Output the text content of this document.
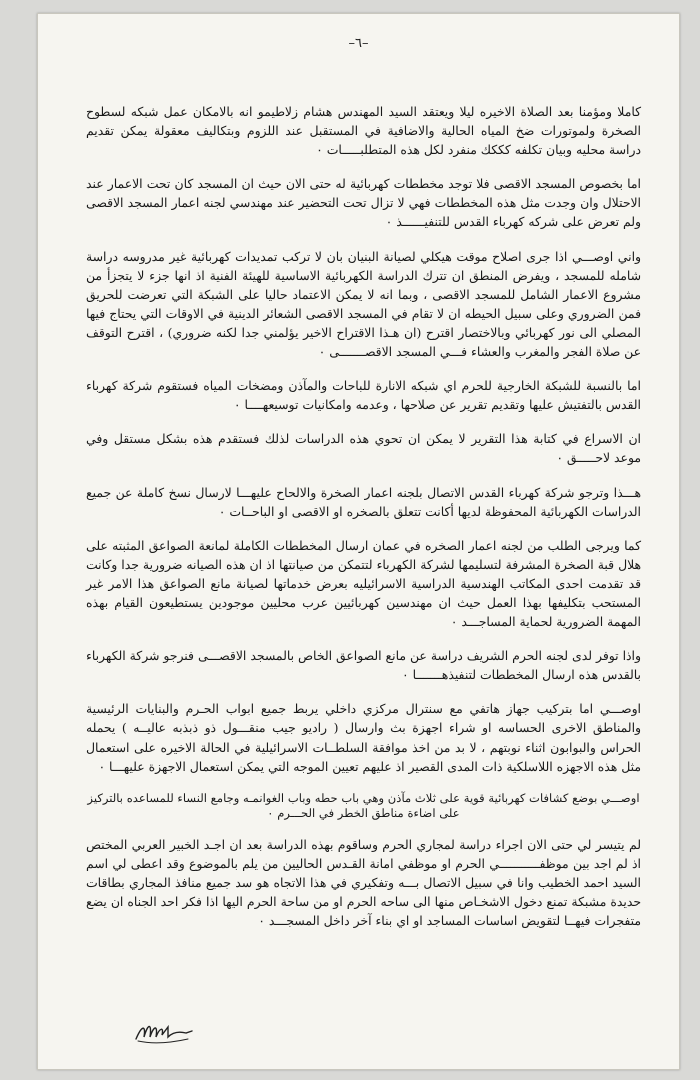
–٦–

كاملا ومؤمنا بعد الصلاة الاخيره ليلا ويعتقد السيد المهندس هشام زلاطيمو انه بالامكان عمل شبكه لسطوح الصخرة ولموتورات ضخ المياه الحالية والاضافية في المستقبل عند اللزوم وبتكاليف معقولة يمكن تقديم دراسة محليه وبيان تكلفه كككك منفرد لكل هذه المتطلبـــــات ٠

اما بخصوص المسجد الاقصى فلا توجد مخططات كهربائية له حتى الان حيث ان المسجد كان تحت الاعمار عند الاحتلال وان وجدت مثل هذه المخططات فهي لا تزال تحت التحضير عند مهندسي لجنه اعمار المسجد الاقصى ولم تعرض على شركه كهرباء القدس للتنفيــــــذ ٠

واني اوصـــي اذا جرى اصلاح موقت هيكلي لصيانة البنيان بان لا تركب تمديدات كهربائية غير مدروسه دراسة شامله للمسجد ، ويفرض المنطق ان تترك الدراسة الكهربائية الاساسية للهيئة الفنية اذ انها جزء لا يتجزأ من مشروع الاعمار الشامل للمسجد الاقصى ، وبما انه لا يمكن الاعتماد حاليا على الشبكة التي تعرضت للحريق فمن الضروري وعلى سبيل الحيطه ان لا تقام في المسجد الاقصى الشعائر الدينية في الاوقات التي يحتاج فيها المصلي الى نور كهربائي وبالاختصار اقترح (ان هـذا الاقتراح الاخير يؤلمني جدا لكنه ضروري) ، اقترح التوقف عن صلاة الفجر والمغرب والعشاء فـــي المسجد الاقصـــــــى ٠

اما بالنسبة للشبكة الخارجية للحرم اي شبكه الانارة للباحات والمآذن ومضخات المياه فستقوم شركة كهرباء القدس بالتفتيش عليها وتقديم تقرير عن صلاحها ، وعدمه وامكانيات توسيعهــــا ٠

ان الاسراع في كتابة هذا التقرير لا يمكن ان تحوي هذه الدراسات لذلك فستقدم هذه بشكل مستقل وفي موعد لاحـــــق ٠

هـــذا وترجو شركة كهرباء القدس الاتصال بلجنه اعمار الصخرة والالحاح عليهـــا لارسال نسخ كاملة عن جميع الدراسات الكهربائية المحفوظة لديها أكانت تتعلق بالصخره او الاقصى او الباحــات ٠

كما ويرجى الطلب من لجنه اعمار الصخره في عمان ارسال المخططات الكاملة لمانعة الصواعق المثبته على هلال قبة الصخرة المشرفة لتسليمها لشركة الكهرباء لتتمكن من صيانتها اذ ان هذه الصيانه ضرورية جدا وكانت قد تقدمت احدى المكاتب الهندسية الدراسية الاسرائيليه بعرض خدماتها لصيانة مانع الصواعق هذا الامر غير المستحب بتكليفها بهذا العمل حيث ان مهندسين كهربائيين عرب محليين موجودين يستطيعون القيام بهذه المهمة الضرورية لحماية المساجـــد ٠

واذا توفر لدى لجنه الحرم الشريف دراسة عن مانع الصواعق الخاص بالمسجد الاقصـــى فنرجو شركة الكهرباء بالقدس هذه ارسال المخططات لتنفيذهـــــــا ٠

اوصـــي اما بتركيب جهاز هاتفي مع سنترال مركزي داخلي يربط جميع ابواب الحـرم والبنايات الرئيسية والمناطق الاخرى الحساسه او شراء اجهزة بث وارسال ( راديو جيب منقـــول ذو ذبذبه عاليــه ) يحمله الحراس والبوابون اثناء نوبتهم ، لا بد من اخذ موافقة السلطــات الاسرائيلية في الحالة الاخيره على استعمال مثل هذه الاجهزه اللاسلكية ذات المدى القصير اذ عليهم تعيين الموجه التي يمكن استعمال الاجهزة عليهـــا ٠

اوصـــي بوضع كشافات كهربائية قوية على ثلاث مآذن وهي باب حطه وباب الغوانمـه وجامع النساء للمساعده بالتركيز على اضاءة مناطق الخطر في الحـــرم ٠

لم يتيسر لي حتى الان اجراء دراسة لمجاري الحرم وساقوم بهذه الدراسة بعد ان اجـد الخبير العربي المختص اذ لم اجد بين موظفـــــــــــي الحرم او موظفي امانة القـدس الحاليين من يلم بالموضوع وقد اعطى لي اسم السيد احمد الخطيب وانا في سبيل الاتصال بـــه وتفكيري في هذا الاتجاه هو سد جميع منافذ المجاري بطاقات حديدة مشبكة تمنع دخول الاشخـاص منها الى ساحه الحرم او من ساحة الحرم اليها اذا فكر احد الجناه ان يضع متفجرات فيهــا لتقويض اساسات المساجد او اي بناء آخر داخل المسجـــد ٠
